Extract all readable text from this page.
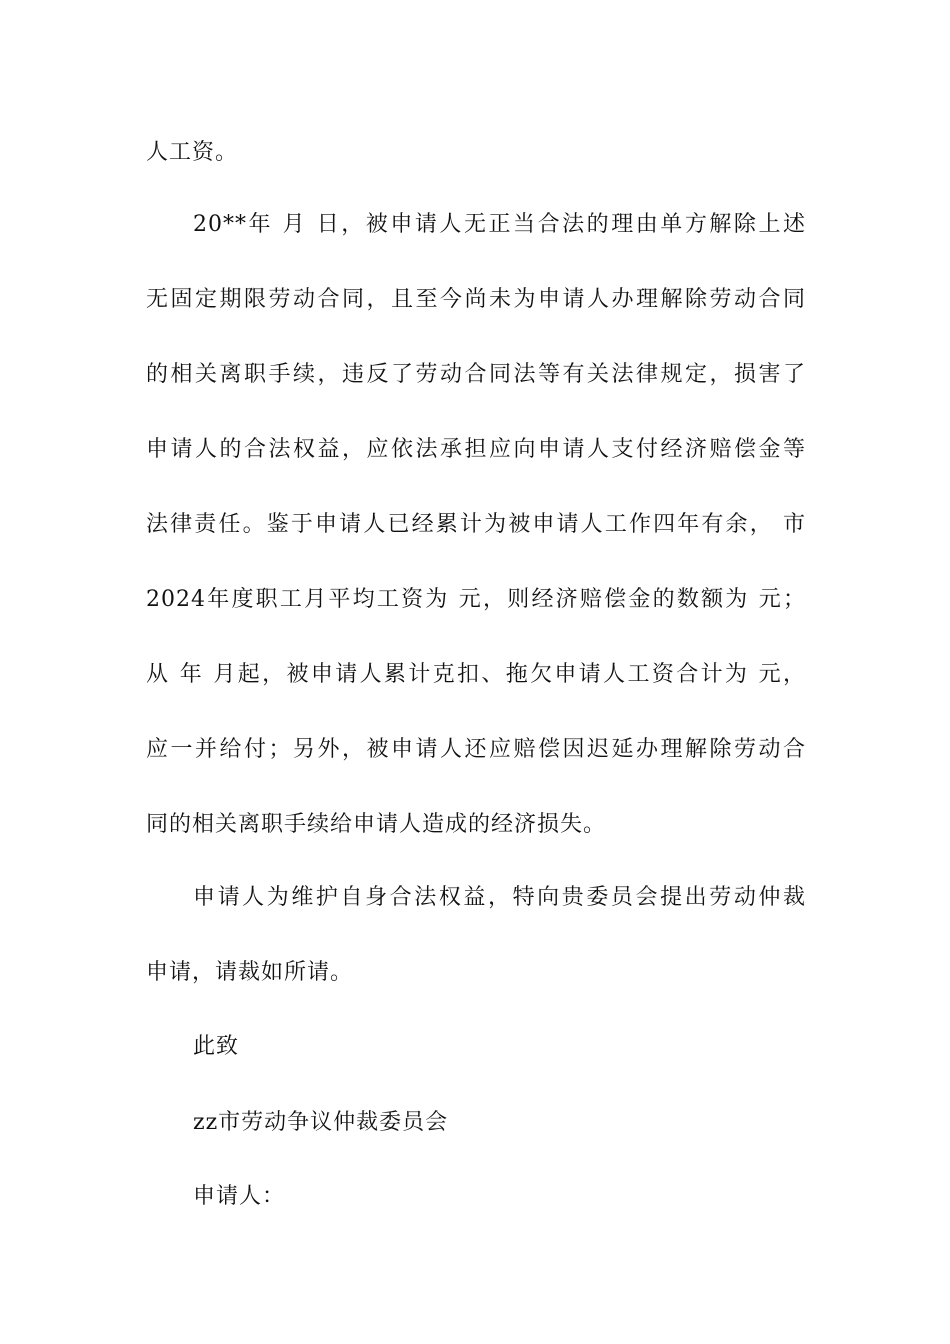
人工资。
20**年 月 日，被申请人无正当合法的理由单方解除上述
无固定期限劳动合同，且至今尚未为申请人办理解除劳动合同
的相关离职手续，违反了劳动合同法等有关法律规定，损害了
申请人的合法权益，应依法承担应向申请人支付经济赔偿金等
法律责任。鉴于申请人已经累计为被申请人工作四年有余， 市
2024年度职工月平均工资为 元，则经济赔偿金的数额为 元；
从 年 月起，被申请人累计克扣、拖欠申请人工资合计为 元，
应一并给付；另外，被申请人还应赔偿因迟延办理解除劳动合
同的相关离职手续给申请人造成的经济损失。
申请人为维护自身合法权益，特向贵委员会提出劳动仲裁
申请，请裁如所请。
此致
zz市劳动争议仲裁委员会
申请人：
